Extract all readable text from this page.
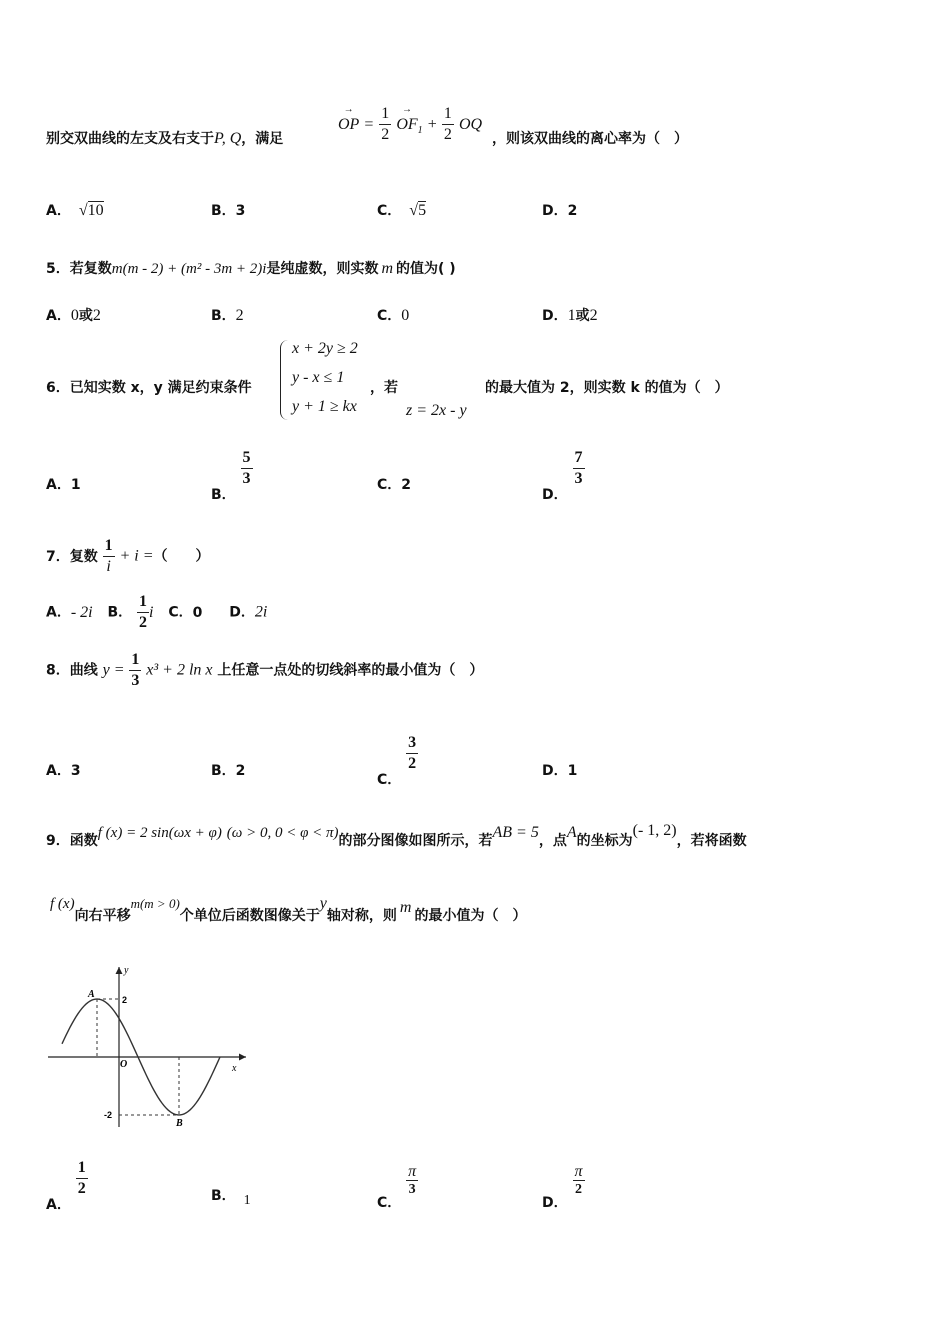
别交双曲线的左支及右支于P, Q，满足
→ OP = $\frac{1}{2}$
→ $OF_1 + \frac{1}{2}$ OQ
，则该双曲线的离心率为（　）
A． √10	B．3	C． √5	D．2
5．若复数m(m - 2) + (m² - 3m + 2)i是纯虚数，则实数 m 的值为( )
A．0或2	B．2	C．0	D．1或2
6．已知实数 x，y 满足约束条件
x + 2y ≥ 2
y - x ≤ 1
y + 1 ≥ kx
，若
z = 2x - y
的最大值为 2，则实数 k 的值为（　）
A．1
B．
$\frac{5}{3}$	C．2
D．
$\frac{7}{3}$
7．复数 $\frac{1}{i} + i$ =（　　）
A．- 2i B． $\frac{1}{2}$ i C．0 D．2i
8．曲线 $y = \frac{1}{3} x^3 + 2$ ln x 上任意一点处的切线斜率的最小值为（　）
A．3	B．2
C．
$\frac{3}{2}$	D．1
9．函数f (x) = 2 sin(ωx + φ) (ω > 0, 0 < φ < π)的部分图像如图所示，若AB = 5，点A的坐标为(- 1, 2)，若将函数
f (x)向右平移m(m > 0)个单位后函数图像关于y轴对称，则 m 的最小值为（　）
y
x
O
A
B
2
-2
A．
$\frac{1}{2}$	B． 1	C．
$\frac{\pi}{3}$
D．
$\frac{\pi}{2}$
